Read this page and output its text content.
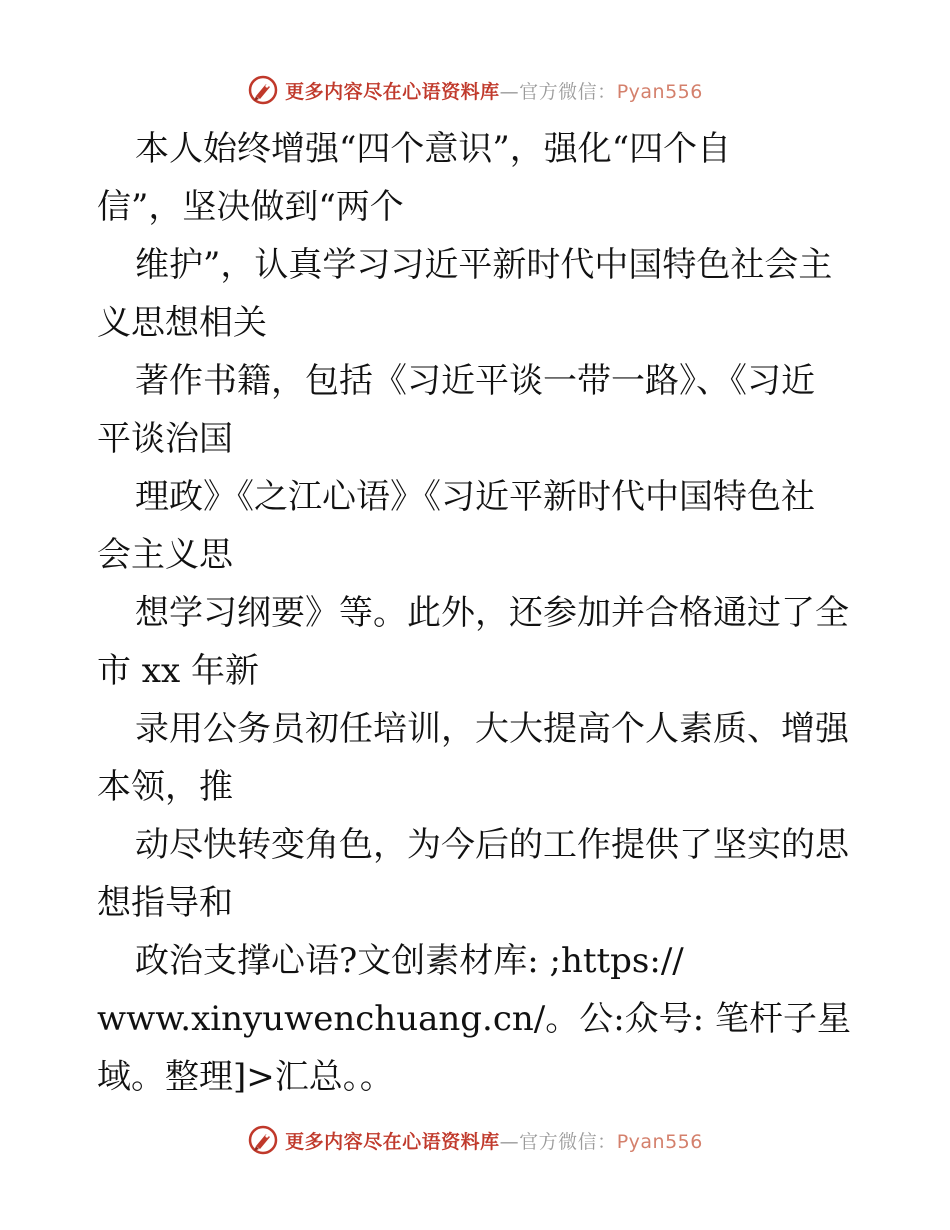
更多内容尽在心语资料库—官方微信：Pyan556
本人始终增强“四个意识”，强化“四个自
信”，坚决做到“两个
维护”，认真学习习近平新时代中国特色社会主
义思想相关
著作书籍，包括《习近平谈一带一路》、《习近
平谈治国
理政》《之江心语》《习近平新时代中国特色社
会主义思
想学习纲要》等。此外，还参加并合格通过了全
市 xx 年新
录用公务员初任培训，大大提高个人素质、增强
本领，推
动尽快转变角色，为今后的工作提供了坚实的思
想指导和
政治支撑心语?文创素材库: ;https://
www.xinyuwenchuang.cn/。公:众号: 笔杆子星
域。整理]>汇总。。
更多内容尽在心语资料库—官方微信：Pyan556
